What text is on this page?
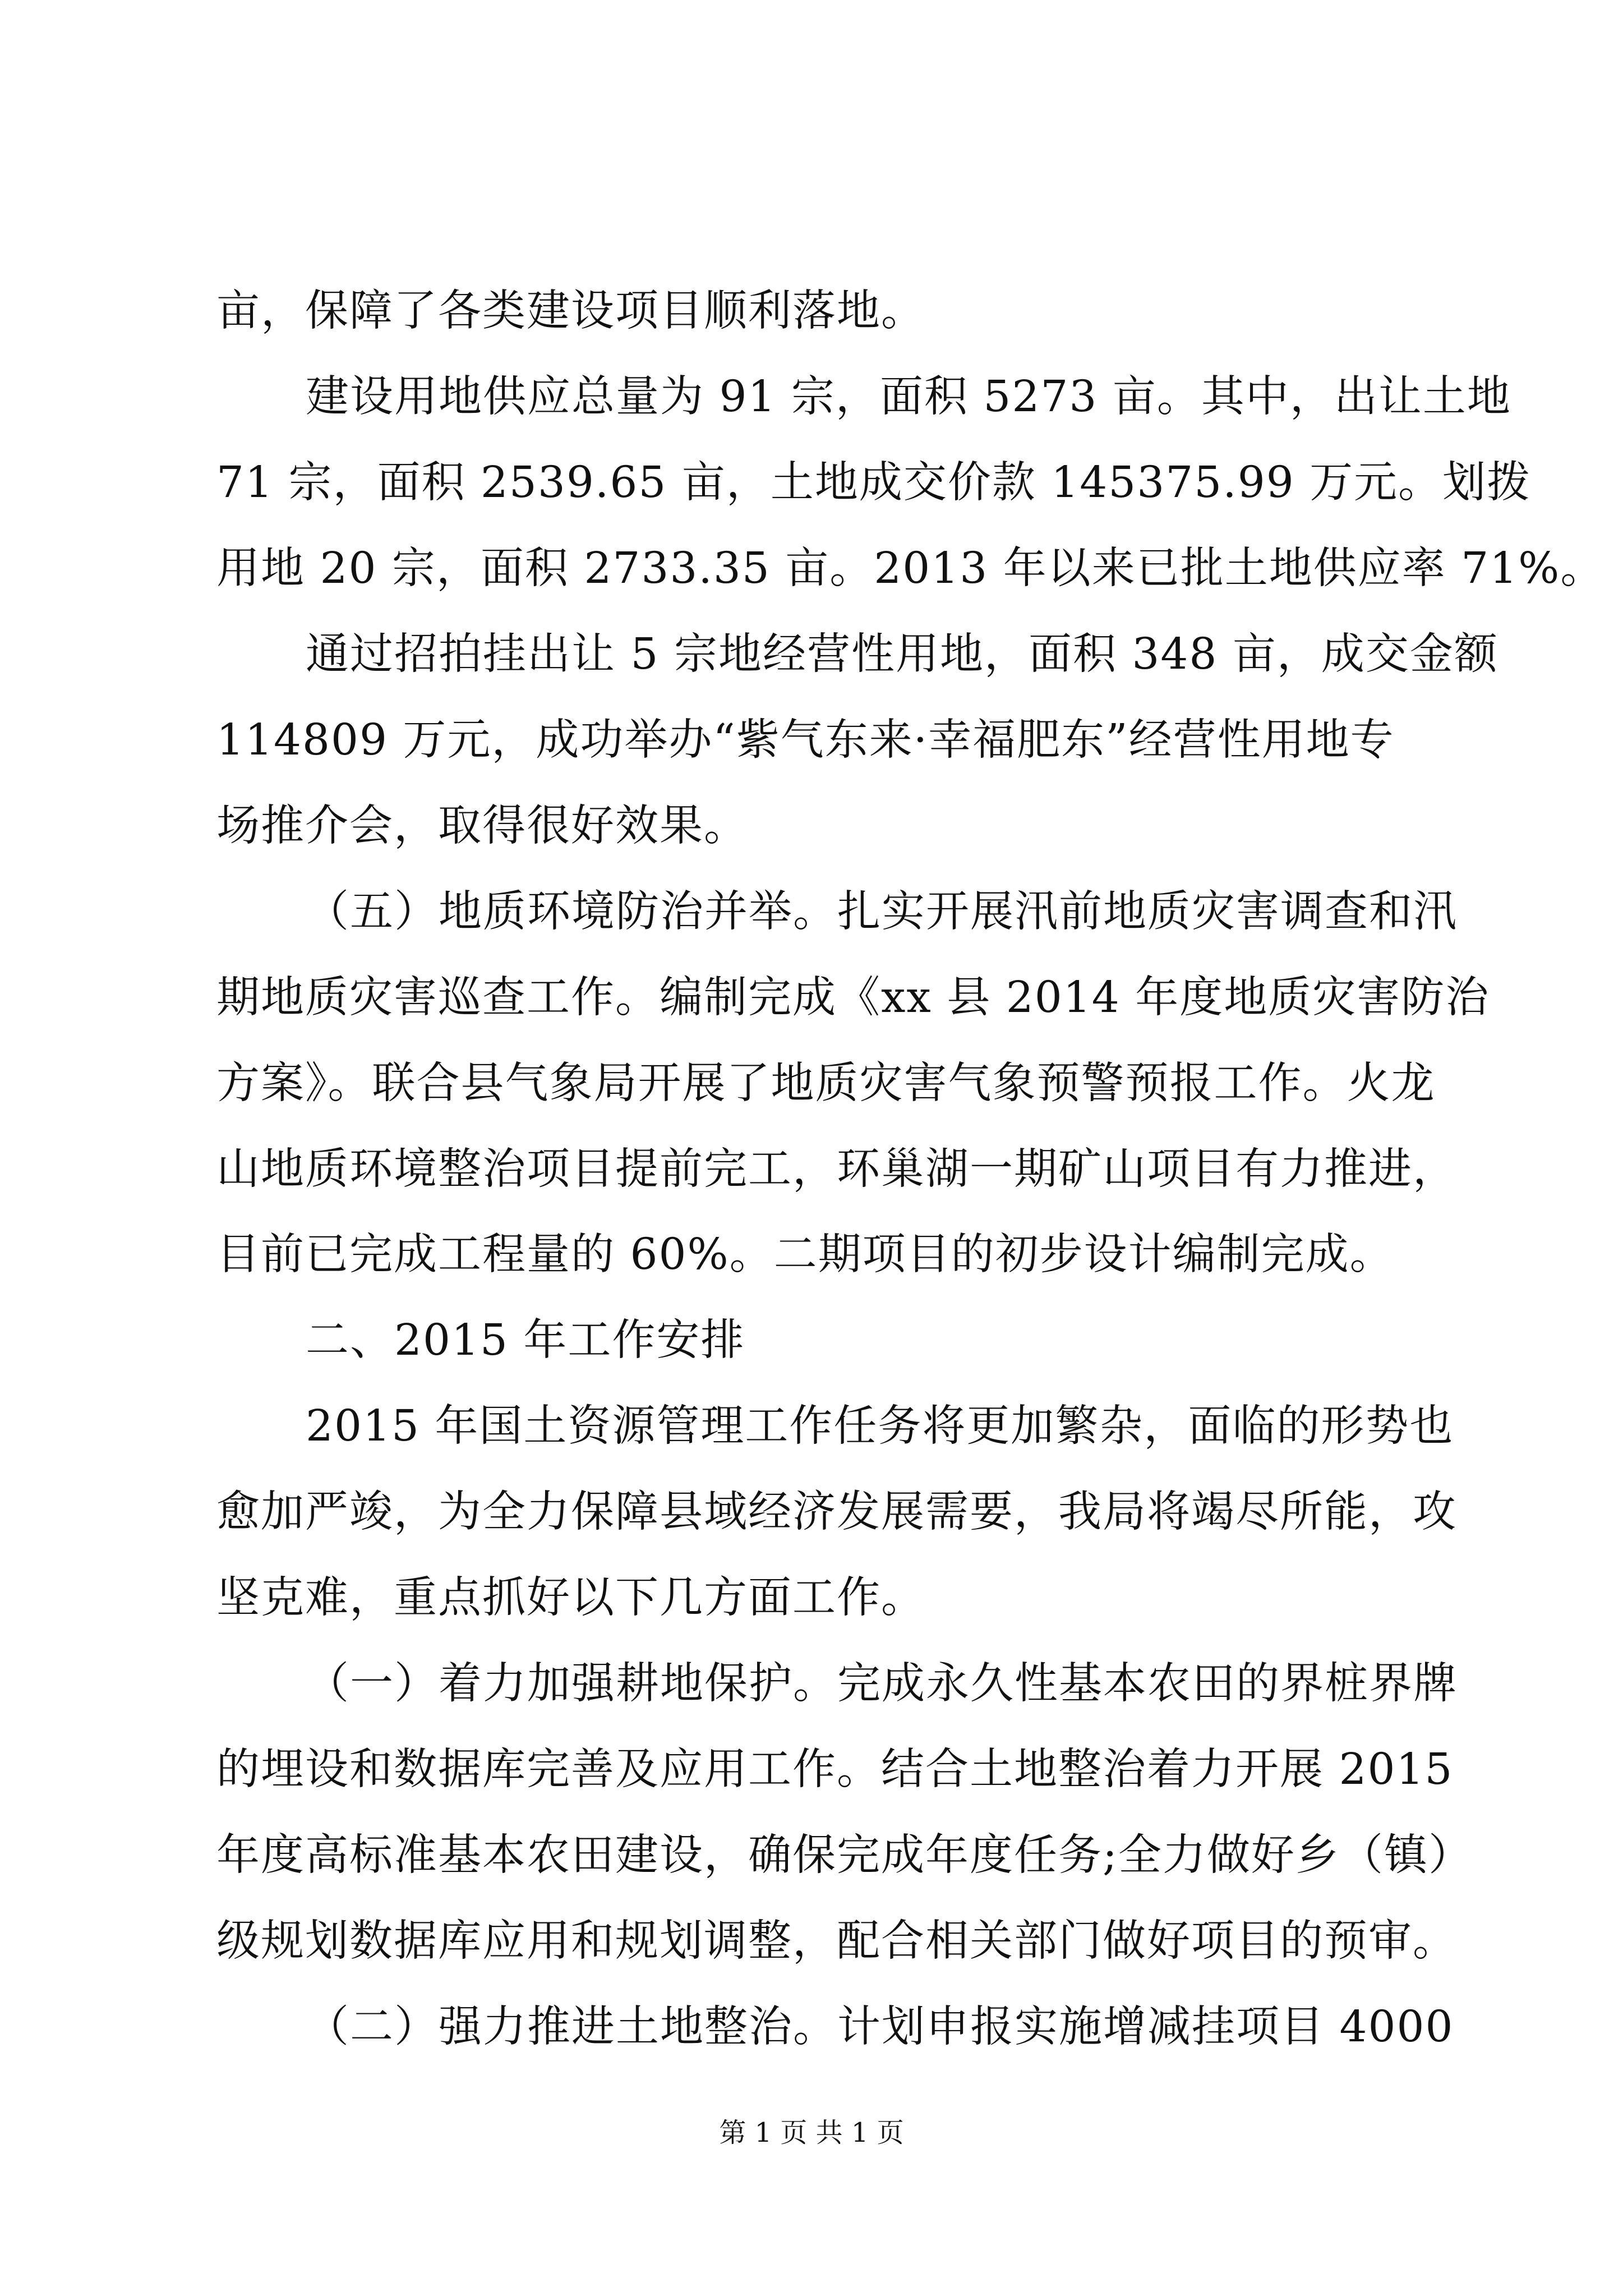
亩，保障了各类建设项目顺利落地。
建设用地供应总量为 91 宗，面积 5273 亩。其中，出让土地
71 宗，面积 2539.65 亩，土地成交价款 145375.99 万元。划拨
用地 20 宗，面积 2733.35 亩。2013 年以来已批土地供应率 71%。
通过招拍挂出让 5 宗地经营性用地，面积 348 亩，成交金额
114809 万元，成功举办“紫气东来·幸福肥东”经营性用地专
场推介会，取得很好效果。
（五）地质环境防治并举。扎实开展汛前地质灾害调查和汛
期地质灾害巡查工作。编制完成《xx 县 2014 年度地质灾害防治
方案》。联合县气象局开展了地质灾害气象预警预报工作。火龙
山地质环境整治项目提前完工，环巢湖一期矿山项目有力推进，
目前已完成工程量的 60%。二期项目的初步设计编制完成。
二、2015 年工作安排
2015 年国土资源管理工作任务将更加繁杂，面临的形势也
愈加严竣，为全力保障县域经济发展需要，我局将竭尽所能，攻
坚克难，重点抓好以下几方面工作。
（一）着力加强耕地保护。完成永久性基本农田的界桩界牌
的埋设和数据库完善及应用工作。结合土地整治着力开展 2015
年度高标准基本农田建设，确保完成年度任务;全力做好乡（镇）
级规划数据库应用和规划调整，配合相关部门做好项目的预审。
（二）强力推进土地整治。计划申报实施增减挂项目 4000
第 1 页 共 1 页
